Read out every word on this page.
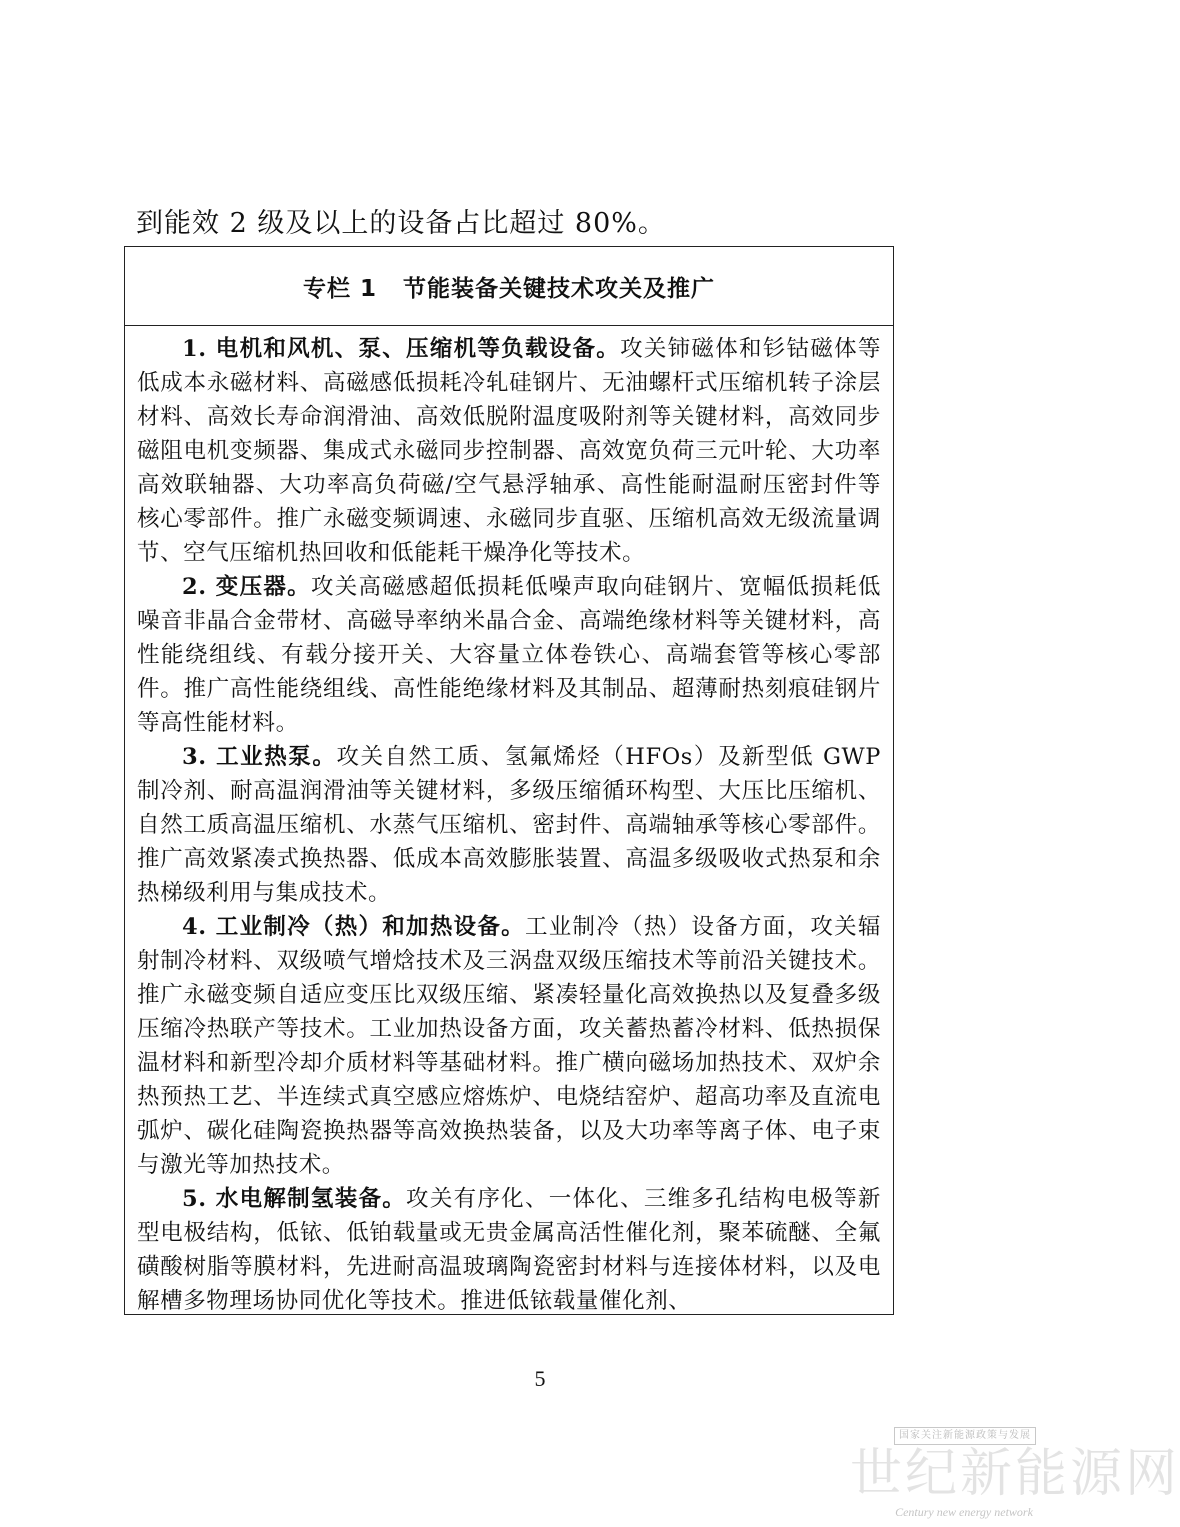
到能效 2 级及以上的设备占比超过 80%。
专栏 1 节能装备关键技术攻关及推广

1. 电机和风机、泵、压缩机等负载设备。攻关铈磁体和钐钴磁体等低成本永磁材料、高磁感低损耗冷轧硅钢片、无油螺杆式压缩机转子涂层材料、高效长寿命润滑油、高效低脱附温度吸附剂等关键材料，高效同步磁阻电机变频器、集成式永磁同步控制器、高效宽负荷三元叶轮、大功率高效联轴器、大功率高负荷磁/空气悬浮轴承、高性能耐温耐压密封件等核心零部件。推广永磁变频调速、永磁同步直驱、压缩机高效无级流量调节、空气压缩机热回收和低能耗干燥净化等技术。

2. 变压器。攻关高磁感超低损耗低噪声取向硅钢片、宽幅低损耗低噪音非晶合金带材、高磁导率纳米晶合金、高端绝缘材料等关键材料，高性能绕组线、有载分接开关、大容量立体卷铁心、高端套管等核心零部件。推广高性能绕组线、高性能绝缘材料及其制品、超薄耐热刻痕硅钢片等高性能材料。

3. 工业热泵。攻关自然工质、氢氟烯烃（HFOs）及新型低 GWP 制冷剂、耐高温润滑油等关键材料，多级压缩循环构型、大压比压缩机、自然工质高温压缩机、水蒸气压缩机、密封件、高端轴承等核心零部件。推广高效紧凑式换热器、低成本高效膨胀装置、高温多级吸收式热泵和余热梯级利用与集成技术。

4. 工业制冷（热）和加热设备。工业制冷（热）设备方面，攻关辐射制冷材料、双级喷气增焓技术及三涡盘双级压缩技术等前沿关键技术。推广永磁变频自适应变压比双级压缩、紧凑轻量化高效换热以及复叠多级压缩冷热联产等技术。工业加热设备方面，攻关蓄热蓄冷材料、低热损保温材料和新型冷却介质材料等基础材料。推广横向磁场加热技术、双炉余热预热工艺、半连续式真空感应熔炼炉、电烧结窑炉、超高功率及直流电弧炉、碳化硅陶瓷换热器等高效换热装备，以及大功率等离子体、电子束与激光等加热技术。

5. 水电解制氢装备。攻关有序化、一体化、三维多孔结构电极等新型电极结构，低铱、低铂载量或无贵金属高活性催化剂，聚苯硫醚、全氟磺酸树脂等膜材料，先进耐高温玻璃陶瓷密封材料与连接体材料，以及电解槽多物理场协同优化等技术。推进低铱载量催化剂、

5
国家关注新能源政策与发展
世纪新能源网
Century new energy network
